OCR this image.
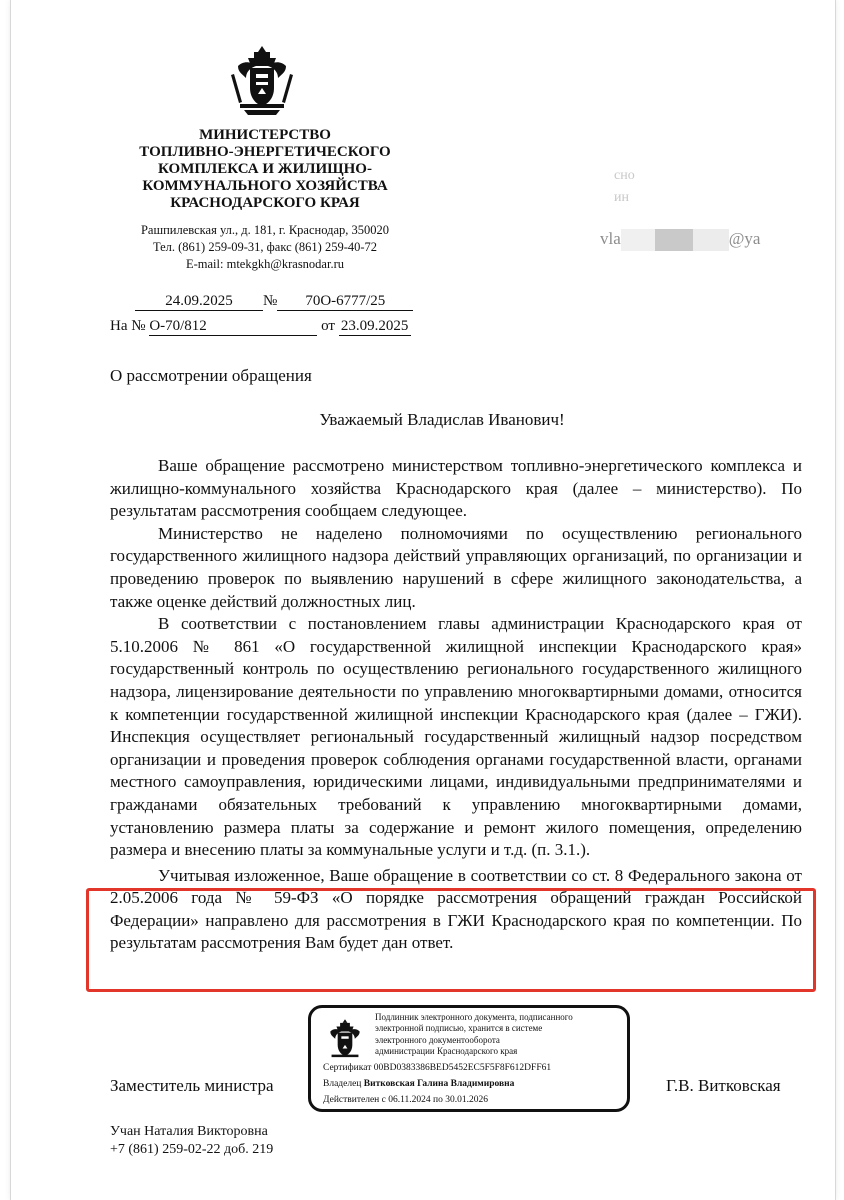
МИНИСТЕРСТВО
ТОПЛИВНО-ЭНЕРГЕТИЧЕСКОГО
КОМПЛЕКСА И ЖИЛИЩНО-
КОММУНАЛЬНОГО ХОЗЯЙСТВА
КРАСНОДАРСКОГО КРАЯ
Рашпилевская ул., д. 181, г. Краснодар, 350020
Тел. (861) 259-09-31, факс (861) 259-40-72
E-mail: mtekgkh@krasnodar.ru
сно
ин
vla	@ya
24.09.2025 № 70О-6777/25
На № О-70/812	от 23.09.2025
О рассмотрении обращения
Уважаемый Владислав Иванович!

Ваше обращение рассмотрено министерством топливно-энергетического комплекса и жилищно-коммунального хозяйства Краснодарского края (далее – министерство). По результатам рассмотрения сообщаем следующее.

Министерство не наделено полномочиями по осуществлению регионального государственного жилищного надзора действий управляющих организаций, по организации и проведению проверок по выявлению нарушений в сфере жилищного законодательства, а также оценке действий должностных лиц.

В соответствии с постановлением главы администрации Краснодарского края от 5.10.2006 № 861 «О государственной жилищной инспекции Краснодарского края» государственный контроль по осуществлению регионального государственного жилищного надзора, лицензирование деятельности по управлению многоквартирными домами, относится к компетенции государственной жилищной инспекции Краснодарского края (далее – ГЖИ). Инспекция осуществляет региональный государственный жилищный надзор посредством организации и проведения проверок соблюдения органами государственной власти, органами местного самоуправления, юридическими лицами, индивидуальными предпринимателями и гражданами обязательных требований к управлению многоквартирными домами, установлению размера платы за содержание и ремонт жилого помещения, определению размера и внесению платы за коммунальные услуги и т.д. (п. 3.1.).

Учитывая изложенное, Ваше обращение в соответствии со ст. 8 Федерального закона от 2.05.2006 года № 59-ФЗ «О порядке рассмотрения обращений граждан Российской Федерации» направлено для рассмотрения в ГЖИ Краснодарского края по компетенции. По результатам рассмотрения Вам будет дан ответ.

Заместитель министра
Подлинник электронного документа, подписанного
электронной подписью, хранится в системе
электронного документооборота
администрации Краснодарского края
Сертификат 00BD0383386BED5452EC5F5F8F612DFF61
Владелец Витковская Галина Владимировна
Действителен с 06.11.2024 по 30.01.2026
Г.В. Витковская
Учан Наталия Викторовна
+7 (861) 259-02-22 доб. 219
